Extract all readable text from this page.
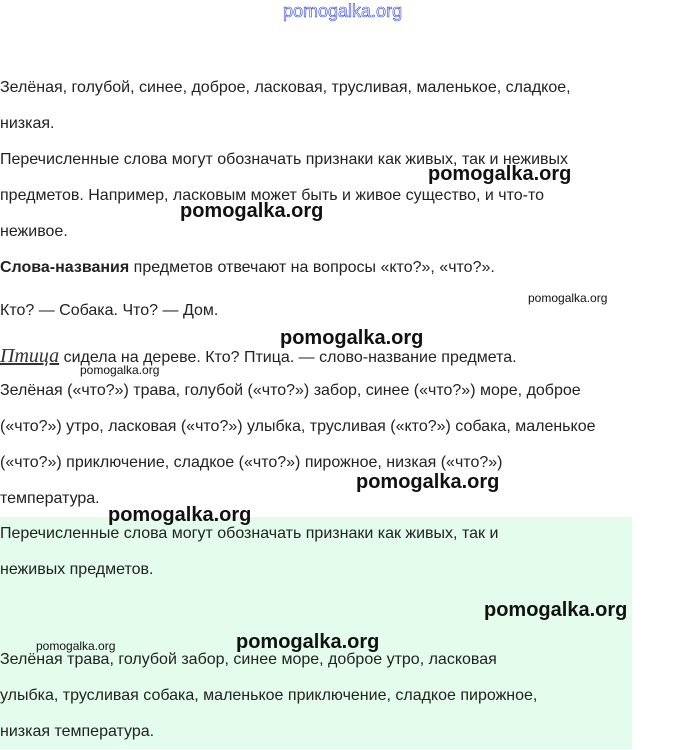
pomogalka.org

Зелёная, голубой, синее, доброе, ласковая, трусливая, маленькое, сладкое,

низкая.

Перечисленные слова могут обозначать признаки как живых, так и неживых

предметов. Например, ласковым может быть и живое существо, и что-то

неживое.

Слова-названия предметов отвечают на вопросы «кто?», «что?».

Кто? — Собака. Что? — Дом.

Птица сидела на дереве. Кто? Птица. — слово-название предмета.

Зелёная («что?») трава, голубой («что?») забор, синее («что?») море, доброе

(«что?») утро, ласковая («что?») улыбка, трусливая («кто?») собака, маленькое

(«что?») приключение, сладкое («что?») пирожное, низкая («что?»)

температура.

Перечисленные слова могут обозначать признаки как живых, так и

неживых предметов.

Зелёная трава, голубой забор, синее море, доброе утро, ласковая

улыбка, трусливая собака, маленькое приключение, сладкое пирожное,

низкая температура.

pomogalka.org
pomogalka.org
pomogalka.org
pomogalka.org
pomogalka.org
pomogalka.org
pomogalka.org
pomogalka.org
pomogalka.org	pomogalka.org
